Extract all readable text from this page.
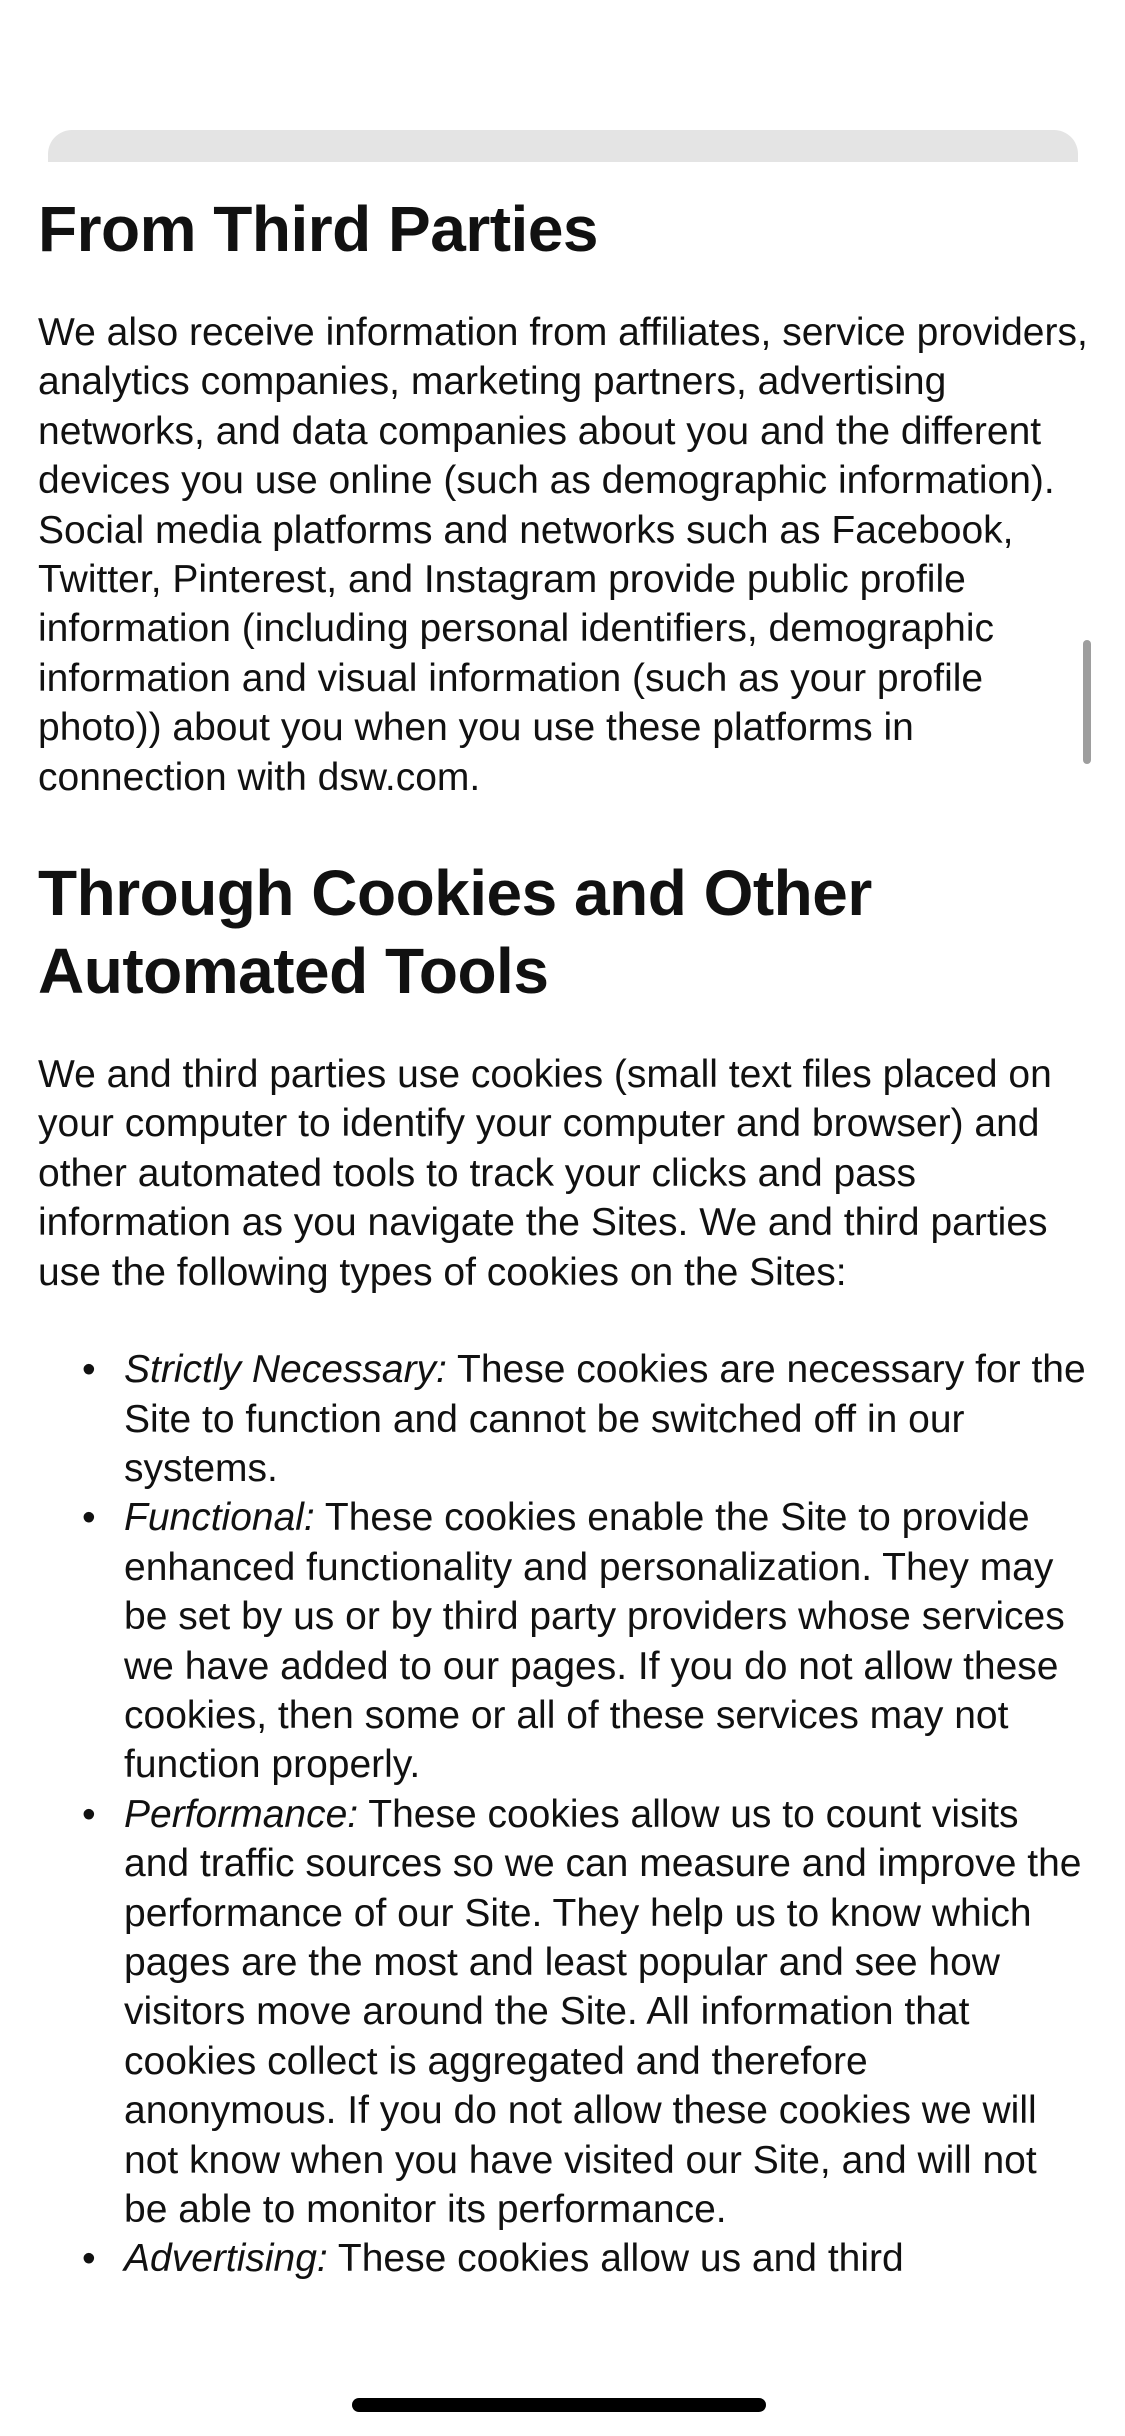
From Third Parties

We also receive information from affiliates, service providers, analytics companies, marketing partners, advertising networks, and data companies about you and the different devices you use online (such as demographic information). Social media platforms and networks such as Facebook, Twitter, Pinterest, and Instagram provide public profile information (including personal identifiers, demographic information and visual information (such as your profile photo)) about you when you use these platforms in connection with dsw.com.

Through Cookies and Other Automated Tools

We and third parties use cookies (small text files placed on your computer to identify your computer and browser) and other automated tools to track your clicks and pass information as you navigate the Sites. We and third parties use the following types of cookies on the Sites:

• Strictly Necessary: These cookies are necessary for the Site to function and cannot be switched off in our systems.
• Functional: These cookies enable the Site to provide enhanced functionality and personalization. They may be set by us or by third party providers whose services we have added to our pages. If you do not allow these cookies, then some or all of these services may not function properly.
• Performance: These cookies allow us to count visits and traffic sources so we can measure and improve the performance of our Site. They help us to know which pages are the most and least popular and see how visitors move around the Site. All information that cookies collect is aggregated and therefore anonymous. If you do not allow these cookies we will not know when you have visited our Site, and will not be able to monitor its performance.
• Advertising: These cookies allow us and third
